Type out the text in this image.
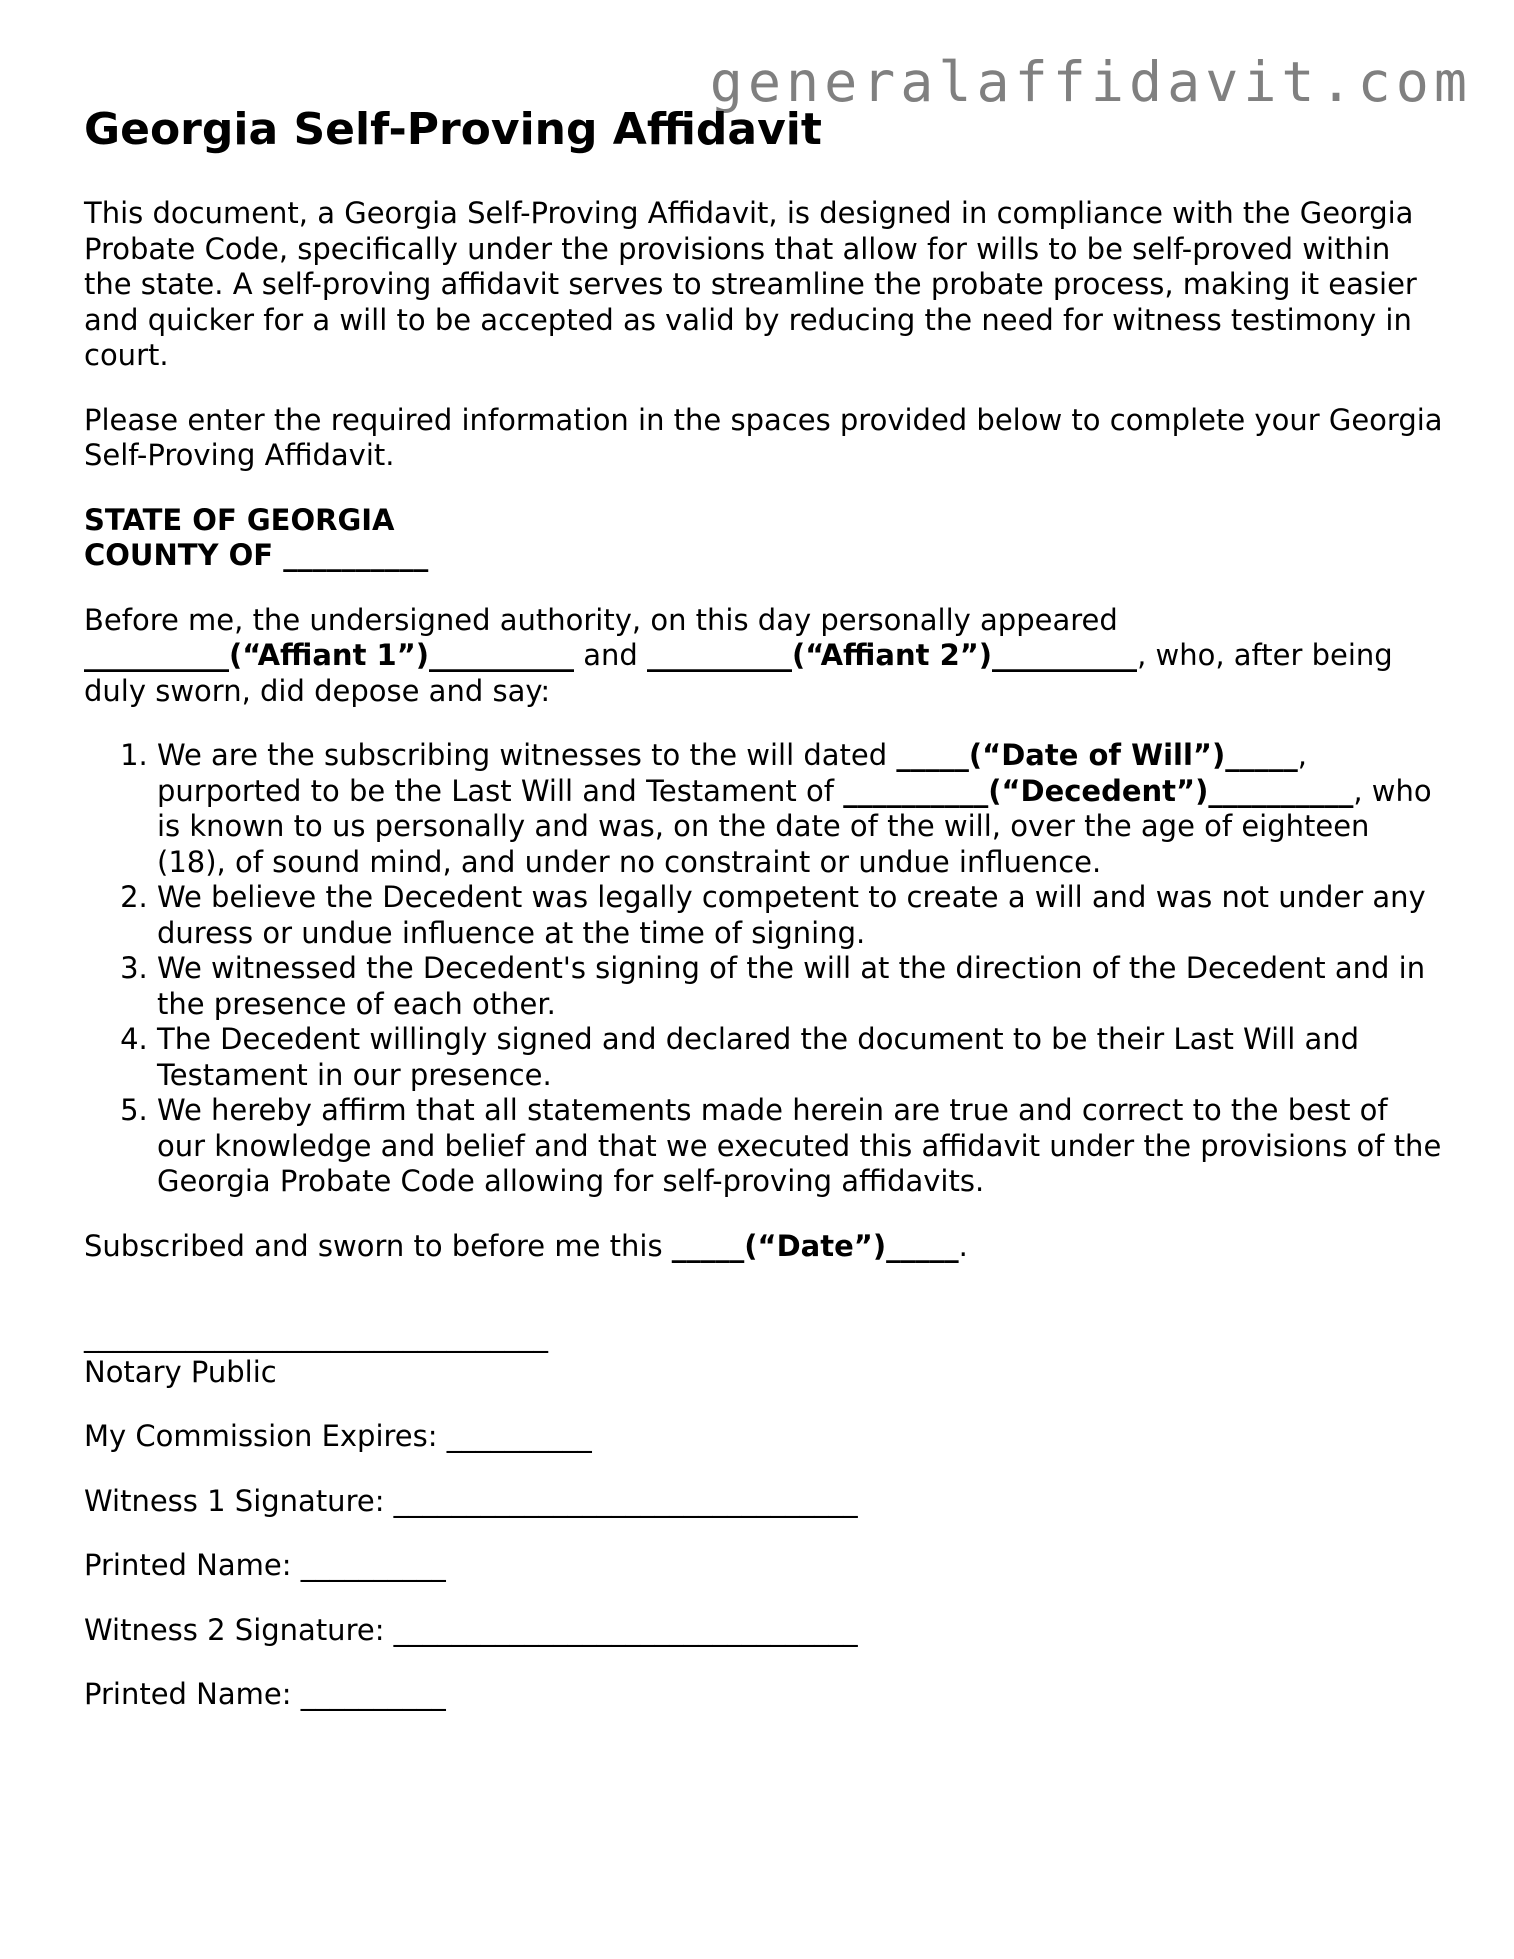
generalaffidavit.com
Georgia Self-Proving Affidavit

This document, a Georgia Self-Proving Affidavit, is designed in compliance with the Georgia Probate Code, specifically under the provisions that allow for wills to be self-proved within the state. A self-proving affidavit serves to streamline the probate process, making it easier and quicker for a will to be accepted as valid by reducing the need for witness testimony in court.

Please enter the required information in the spaces provided below to complete your Georgia Self-Proving Affidavit.

STATE OF GEORGIA
COUNTY OF __________

Before me, the undersigned authority, on this day personally appeared
__________(“Affiant 1”)__________ and __________(“Affiant 2”)__________, who, after being duly sworn, did depose and say:

1. We are the subscribing witnesses to the will dated _____(“Date of Will”)_____, purported to be the Last Will and Testament of __________(“Decedent”)__________, who is known to us personally and was, on the date of the will, over the age of eighteen (18), of sound mind, and under no constraint or undue influence.
2. We believe the Decedent was legally competent to create a will and was not under any duress or undue influence at the time of signing.
3. We witnessed the Decedent's signing of the will at the direction of the Decedent and in the presence of each other.
4. The Decedent willingly signed and declared the document to be their Last Will and Testament in our presence.
5. We hereby affirm that all statements made herein are true and correct to the best of our knowledge and belief and that we executed this affidavit under the provisions of the Georgia Probate Code allowing for self-proving affidavits.

Subscribed and sworn to before me this _____(“Date”)_____.

________________________________
Notary Public

My Commission Expires: __________

Witness 1 Signature: ________________________________

Printed Name: __________

Witness 2 Signature: ________________________________

Printed Name: __________
